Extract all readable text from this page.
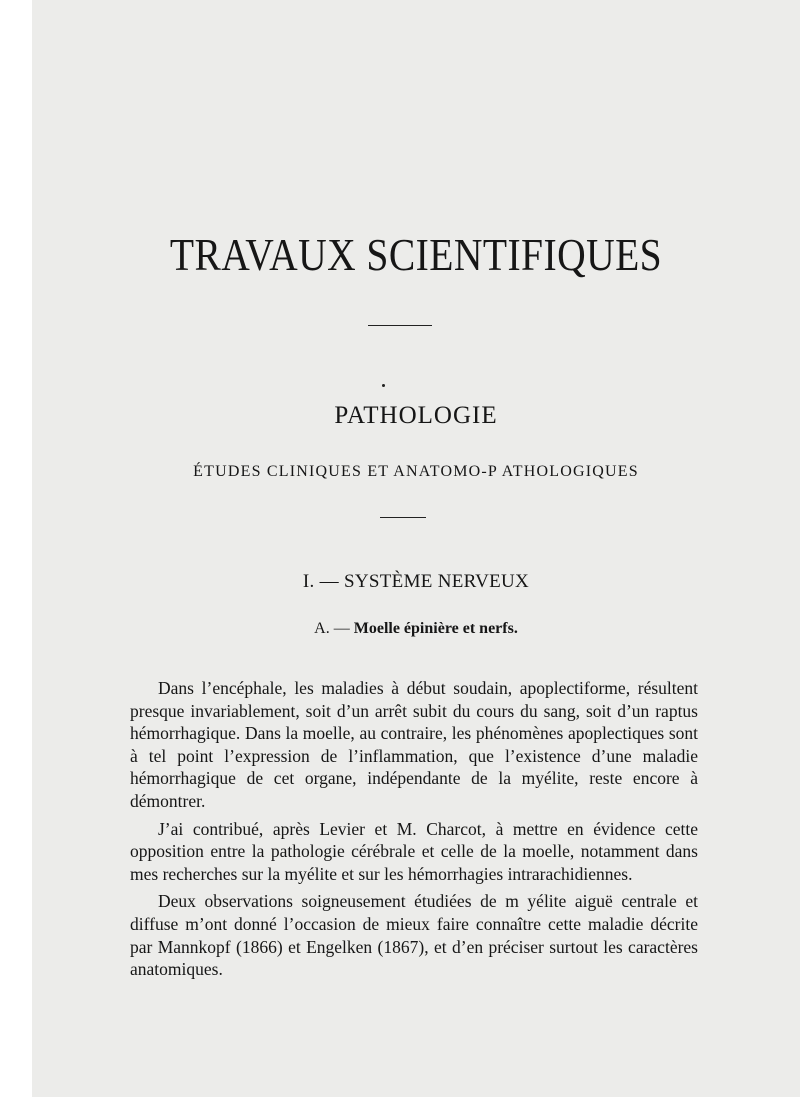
TRAVAUX SCIENTIFIQUES
PATHOLOGIE
ÉTUDES CLINIQUES ET ANATOMO-P ATHOLOGIQUES
I. — SYSTÈME NERVEUX
A. — Moelle épinière et nerfs.

Dans l’encéphale, les maladies à début soudain, apoplectiforme, résultent presque invariablement, soit d’un arrêt subit du cours du sang, soit d’un raptus hémorrhagique. Dans la moelle, au contraire, les phénomènes apoplectiques sont à tel point l’expression de l’inflammation, que l’existence d’une maladie hémorrhagique de cet organe, indépendante de la myélite, reste encore à démontrer.

J’ai contribué, après Levier et M. Charcot, à mettre en évidence cette opposition entre la pathologie cérébrale et celle de la moelle, notamment dans mes recherches sur la myélite et sur les hémorrhagies intrarachidiennes.

Deux observations soigneusement étudiées de m yélite aiguë centrale et diffuse m’ont donné l’occasion de mieux faire connaître cette maladie décrite par Mannkopf (1866) et Engelken (1867), et d’en préciser surtout les caractères anatomiques.
